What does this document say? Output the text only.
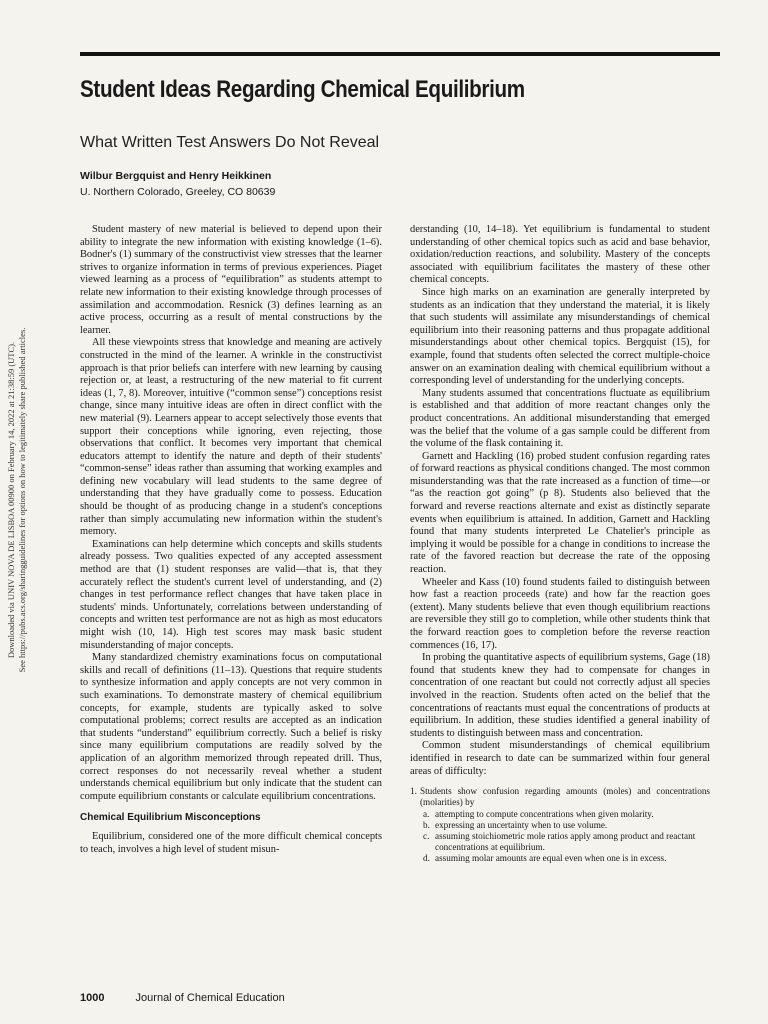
Student Ideas Regarding Chemical Equilibrium
What Written Test Answers Do Not Reveal
Wilbur Bergquist and Henry Heikkinen
U. Northern Colorado, Greeley, CO 80639
Downloaded via UNIV NOVA DE LISBOA 00900 on February 14, 2022 at 21:38:59 (UTC). See https://pubs.acs.org/sharingguidelines for options on how to legitimately share published articles.

Student mastery of new material is believed to depend upon their ability to integrate the new information with existing knowledge (1–6). Bodner's (1) summary of the constructivist view stresses that the learner strives to organize information in terms of previous experiences. Piaget viewed learning as a process of “equilibration” as students attempt to relate new information to their existing knowledge through processes of assimilation and accommodation. Resnick (3) defines learning as an active process, occurring as a result of mental constructions by the learner.

All these viewpoints stress that knowledge and meaning are actively constructed in the mind of the learner. A wrinkle in the constructivist approach is that prior beliefs can interfere with new learning by causing rejection or, at least, a restructuring of the new material to fit current ideas (1, 7, 8). Moreover, intuitive (“common sense”) conceptions resist change, since many intuitive ideas are often in direct conflict with the new material (9). Learners appear to accept selectively those events that support their conceptions while ignoring, even rejecting, those observations that conflict. It becomes very important that chemical educators attempt to identify the nature and depth of their students' “common-sense” ideas rather than assuming that working examples and defining new vocabulary will lead students to the same degree of understanding that they have gradually come to possess. Education should be thought of as producing change in a student's conceptions rather than simply accumulating new information within the student's memory.

Examinations can help determine which concepts and skills students already possess. Two qualities expected of any accepted assessment method are that (1) student responses are valid—that is, that they accurately reflect the student's current level of understanding, and (2) changes in test performance reflect changes that have taken place in students' minds. Unfortunately, correlations between understanding of concepts and written test performance are not as high as most educators might wish (10, 14). High test scores may mask basic student misunderstanding of major concepts.

Many standardized chemistry examinations focus on computational skills and recall of definitions (11–13). Questions that require students to synthesize information and apply concepts are not very common in such examinations. To demonstrate mastery of chemical equilibrium concepts, for example, students are typically asked to solve computational problems; correct results are accepted as an indication that students “understand” equilibrium correctly. Such a belief is risky since many equilibrium computations are readily solved by the application of an algorithm memorized through repeated drill. Thus, correct responses do not necessarily reveal whether a student understands chemical equilibrium but only indicate that the student can compute equilibrium constants or calculate equilibrium concentrations.

Chemical Equilibrium Misconceptions

Equilibrium, considered one of the more difficult chemical concepts to teach, involves a high level of student misun-

derstanding (10, 14–18). Yet equilibrium is fundamental to student understanding of other chemical topics such as acid and base behavior, oxidation/reduction reactions, and solubility. Mastery of the concepts associated with equilibrium facilitates the mastery of these other chemical concepts.

Since high marks on an examination are generally interpreted by students as an indication that they understand the material, it is likely that such students will assimilate any misunderstandings of chemical equilibrium into their reasoning patterns and thus propagate additional misunderstandings about other chemical topics. Bergquist (15), for example, found that students often selected the correct multiple-choice answer on an examination dealing with chemical equilibrium without a corresponding level of understanding for the underlying concepts.

Many students assumed that concentrations fluctuate as equilibrium is established and that addition of more reactant changes only the product concentrations. An additional misunderstanding that emerged was the belief that the volume of a gas sample could be different from the volume of the flask containing it.

Garnett and Hackling (16) probed student confusion regarding rates of forward reactions as physical conditions changed. The most common misunderstanding was that the rate increased as a function of time—or “as the reaction got going” (p 8). Students also believed that the forward and reverse reactions alternate and exist as distinctly separate events when equilibrium is attained. In addition, Garnett and Hackling found that many students interpreted Le Chatelier's principle as implying it would be possible for a change in conditions to increase the rate of the favored reaction but decrease the rate of the opposing reaction.

Wheeler and Kass (10) found students failed to distinguish between how fast a reaction proceeds (rate) and how far the reaction goes (extent). Many students believe that even though equilibrium reactions are reversible they still go to completion, while other students think that the forward reaction goes to completion before the reverse reaction commences (16, 17).

In probing the quantitative aspects of equilibrium systems, Gage (18) found that students knew they had to compensate for changes in concentration of one reactant but could not correctly adjust all species involved in the reaction. Students often acted on the belief that the concentrations of reactants must equal the concentrations of products at equilibrium. In addition, these studies identified a general inability of students to distinguish between mass and concentration.

Common student misunderstandings of chemical equilibrium identified in research to date can be summarized within four general areas of difficulty:

1. Students show confusion regarding amounts (moles) and concentrations (molarities) by
a. attempting to compute concentrations when given molarity.
b. expressing an uncertainty when to use volume.
c. assuming stoichiometric mole ratios apply among product and reactant concentrations at equilibrium.
d. assuming molar amounts are equal even when one is in excess.
1000	Journal of Chemical Education
